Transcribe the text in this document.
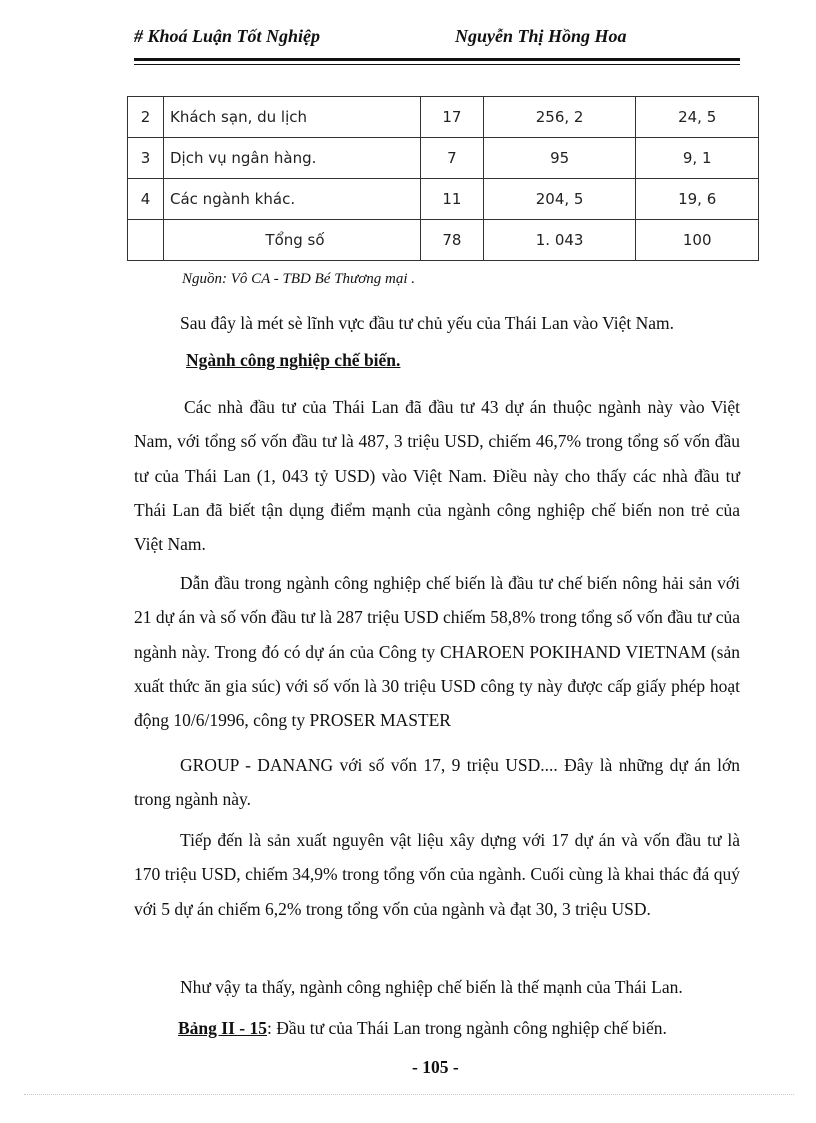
# Khoá Luận Tốt Nghiệp	Nguyễn Thị Hồng Hoa
2	Khách sạn, du lịch	17	256, 2	24, 5
3	Dịch vụ ngân hàng.	7	95	9, 1
4	Các ngành khác.	11	204, 5	19, 6
	Tổng số	78	1. 043	100
Nguồn: Vô CA - TBD Bé Thương mại .
Sau đây là mét sè lĩnh vực đầu tư chủ yếu của Thái Lan vào Việt Nam.
Ngành công nghiệp chế biến.

Các nhà đầu tư của Thái Lan đã đầu tư 43 dự án thuộc ngành này vào Việt Nam, với tổng số vốn đầu tư là 487, 3 triệu USD, chiếm 46,7% trong tổng số vốn đầu tư của Thái Lan (1, 043 tỷ USD) vào Việt Nam. Điều này cho thấy các nhà đầu tư Thái Lan đã biết tận dụng điểm mạnh của ngành công nghiệp chế biến non trẻ của Việt Nam.

Dẫn đầu trong ngành công nghiệp chế biến là đầu tư chế biến nông hải sản với 21 dự án và số vốn đầu tư là 287 triệu USD chiếm 58,8% trong tổng số vốn đầu tư của ngành này. Trong đó có dự án của Công ty CHAROEN POKIHAND VIETNAM (sản xuất thức ăn gia súc) với số vốn là 30 triệu USD công ty này được cấp giấy phép hoạt động 10/6/1996, công ty PROSER MASTER

GROUP - DANANG với số vốn 17, 9 triệu USD.... Đây là những dự án lớn trong ngành này.

Tiếp đến là sản xuất nguyên vật liệu xây dựng với 17 dự án và vốn đầu tư là 170 triệu USD, chiếm 34,9% trong tổng vốn của ngành. Cuối cùng là khai thác đá quý với 5 dự án chiếm 6,2% trong tổng vốn của ngành và đạt 30, 3 triệu USD.

Như vậy ta thấy, ngành công nghiệp chế biến là thế mạnh của Thái Lan.
Bảng II - 15: Đầu tư của Thái Lan trong ngành công nghiệp chế biến.
- 105 -
